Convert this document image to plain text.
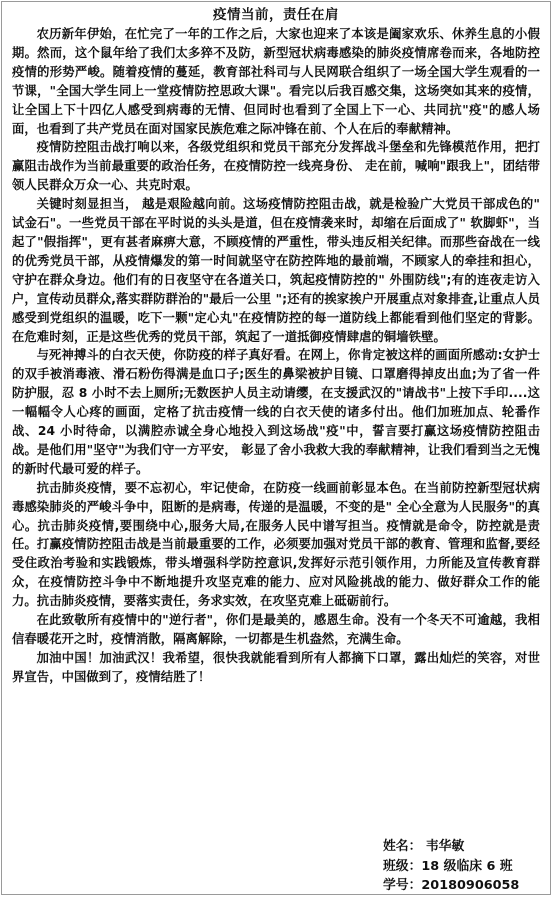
疫情当前，责任在肩

农历新年伊始，在忙完了一年的工作之后，大家也迎来了本该是阖家欢乐、休养生息的小假期。然而，这个鼠年给了我们太多猝不及防，新型冠状病毒感染的肺炎疫情席卷而来，各地防控疫情的形势严峻。随着疫情的蔓延，教育部社科司与人民网联合组织了一场全国大学生观看的一节课，"全国大学生同上一堂疫情防控思政大课"。看完以后我百感交集，这场突如其来的疫情，让全国上下十四亿人感受到病毒的无情、但同时也看到了全国上下一心、共同抗"疫"的感人场面，也看到了共产党员在面对国家民族危难之际冲锋在前、个人在后的奉献精神。

疫情防控阻击战打响以来，各级党组织和党员干部充分发挥战斗堡垒和先锋模范作用，把打赢阻击战作为当前最重要的政治任务，在疫情防控一线亮身份、 走在前，喊响"跟我上"，团结带领人民群众万众一心、共克时艰。

关键时刻显担当， 越是艰险越向前。这场疫情防控阻击战，就是检验广大党员干部成色的" 试金石"。一些党员干部在平时说的头头是道，但在疫情袭来时，却缩在后面成了" 软脚虾"，当起了"假指挥"，更有甚者麻痹大意，不顾疫情的严重性，带头违反相关纪律。而那些奋战在一线的优秀党员干部，从疫情爆发的第一时间就坚守在防控阵地的最前端，不顾家人的牵挂和担心，守护在群众身边。他们有的日夜坚守在各道关口，筑起疫情防控的" 外围防线";有的连夜走访入户，宣传动员群众,落实群防群治的"最后一公里 ";还有的挨家挨户开展重点对象排查,让重点人员感受到党组织的温暖，吃下一颗"定心丸"在疫情防控的每一道防线上都能看到他们坚定的背影。在危难时刻，正是这些优秀的党员干部，筑起了一道抵御疫情肆虐的铜墙铁壁。

与死神搏斗的白衣天使，你防疫的样子真好看。在网上，你肯定被这样的画面所感动:女护士的双手被消毒液、滑石粉伤得满是血口子;医生的鼻梁被护目镜、口罩磨得掉皮出血;为了省一件防护服，忍 8 小时不去上厕所;无数医护人员主动请缨，在支援武汉的"请战书"上按下手印....这一幅幅令人心疼的画面，定格了抗击疫情一线的白衣天使的诸多付出。他们加班加点、轮番作战、24 小时待命，以满腔赤诚全身心地投入到这场战"疫"中，誓言要打赢这场疫情防控阻击战。是他们用"坚守"为我们守一方平安， 彰显了舍小我救大我的奉献精神，让我们看到当之无愧的新时代最可爱的样子。

抗击肺炎疫情，要不忘初心，牢记使命，在防疫一线画前彰显本色。在当前防控新型冠状病毒感染肺炎的严峻斗争中，阻断的是病毒，传递的是温暖，不变的是" 全心全意为人民服务"的真心。抗击肺炎疫情,要围绕中心,服务大局,在服务人民中谱写担当。疫情就是命令，防控就是责任。打赢疫情防控阻击战是当前最重要的工作，必须要加强对党员干部的教育、管理和监督,要经受住政治考验和实践锻炼，带头增强科学防控意识,发挥好示范引领作用，力所能及宣传教育群众，在疫情防控斗争中不断地提升攻坚克难的能力、应对风险挑战的能力、做好群众工作的能力。抗击肺炎疫情，要落实责任，务求实效，在攻坚克难上砥砺前行。

在此致敬所有疫情中的"逆行者"，你们是最美的，感恩生命。没有一个冬天不可逾越，我相信春暖花开之时，疫情消散，隔离解除，一切都是生机盎然，充满生命。

加油中国！加油武汉！我希望，很快我就能看到所有人都摘下口罩，露出灿烂的笑容，对世界宣告，中国做到了，疫情结胜了！

姓名： 韦华敏
班级：18 级临床 6 班
学号：20180906058
